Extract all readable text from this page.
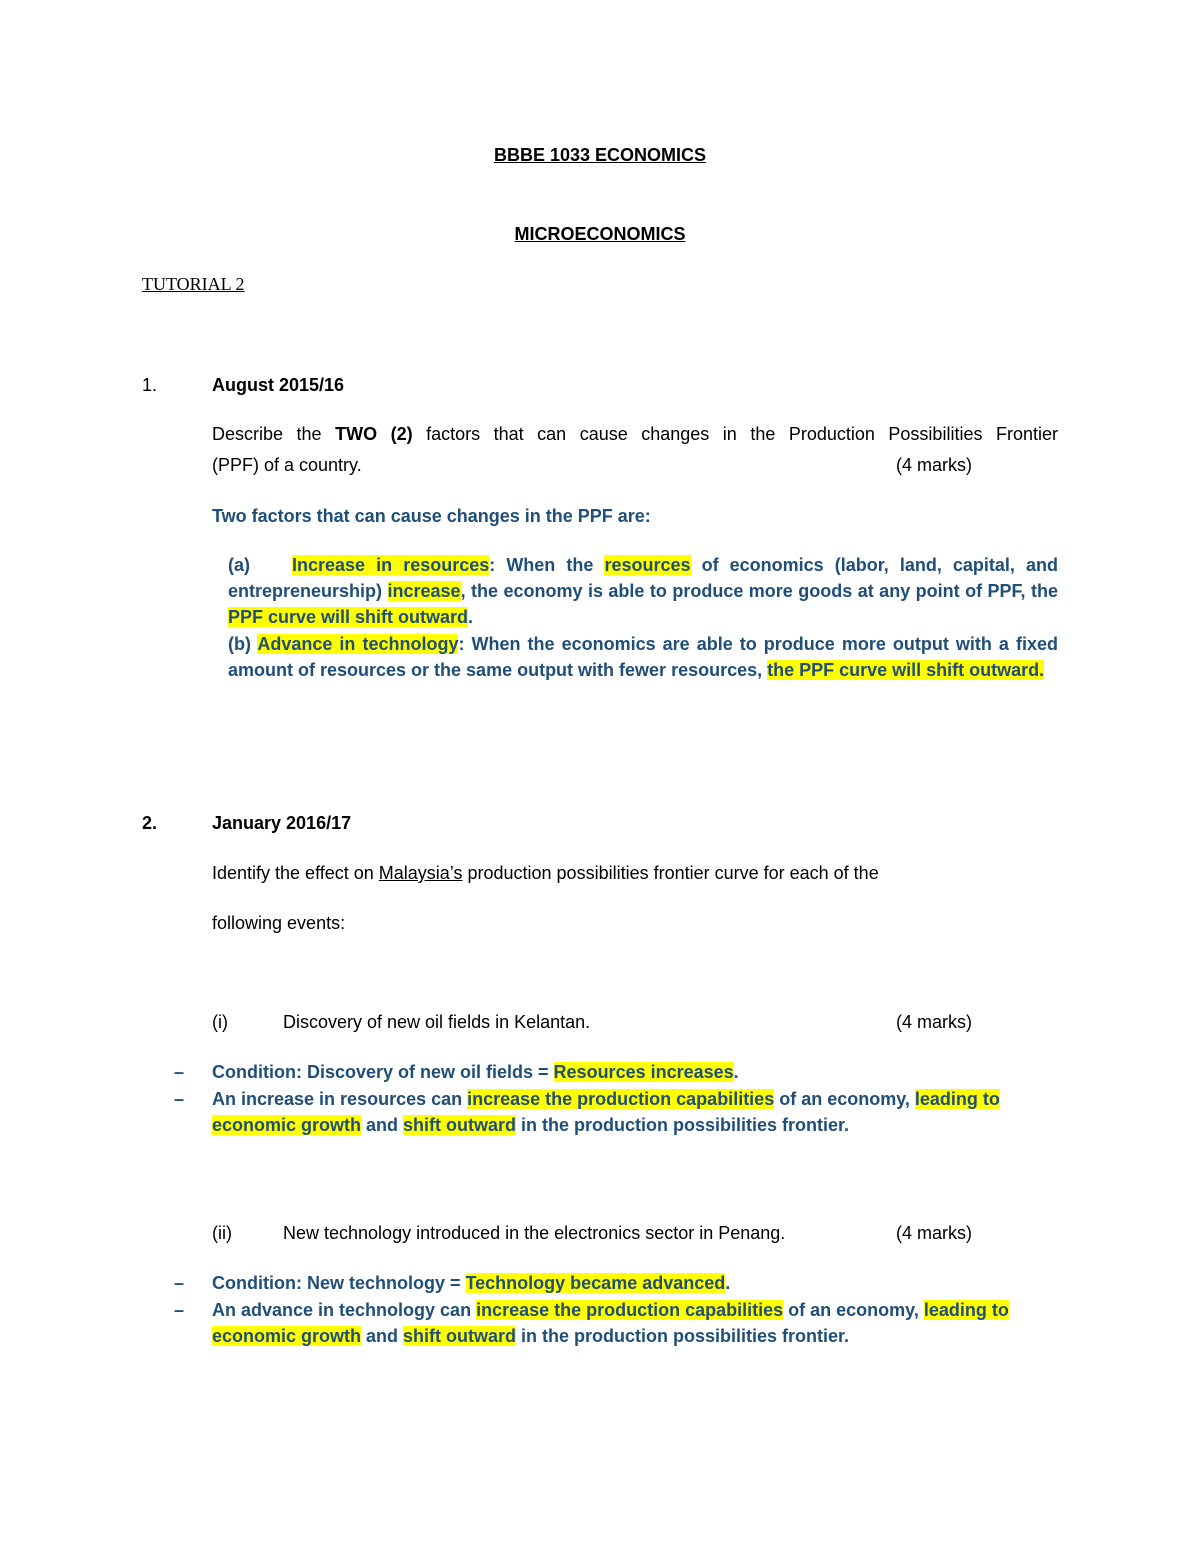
BBBE 1033 ECONOMICS
MICROECONOMICS
TUTORIAL 2
1.	August 2015/16
Describe the TWO (2) factors that can cause changes in the Production Possibilities Frontier
(PPF) of a country.	(4 marks)
Two factors that can cause changes in the PPF are:
(a) Increase in resources: When the resources of economics (labor, land, capital, and entrepreneurship) increase, the economy is able to produce more goods at any point of PPF, the PPF curve will shift outward.
(b) Advance in technology: When the economics are able to produce more output with a fixed amount of resources or the same output with fewer resources, the PPF curve will shift outward.
2.	January 2016/17
Identify the effect on Malaysia’s production possibilities frontier curve for each of the
following events:
(i)	Discovery of new oil fields in Kelantan.	(4 marks)
– Condition: Discovery of new oil fields = Resources increases.
– An increase in resources can increase the production capabilities of an economy, leading to economic growth and shift outward in the production possibilities frontier.
(ii)	New technology introduced in the electronics sector in Penang.	(4 marks)
– Condition: New technology = Technology became advanced.
– An advance in technology can increase the production capabilities of an economy, leading to economic growth and shift outward in the production possibilities frontier.
